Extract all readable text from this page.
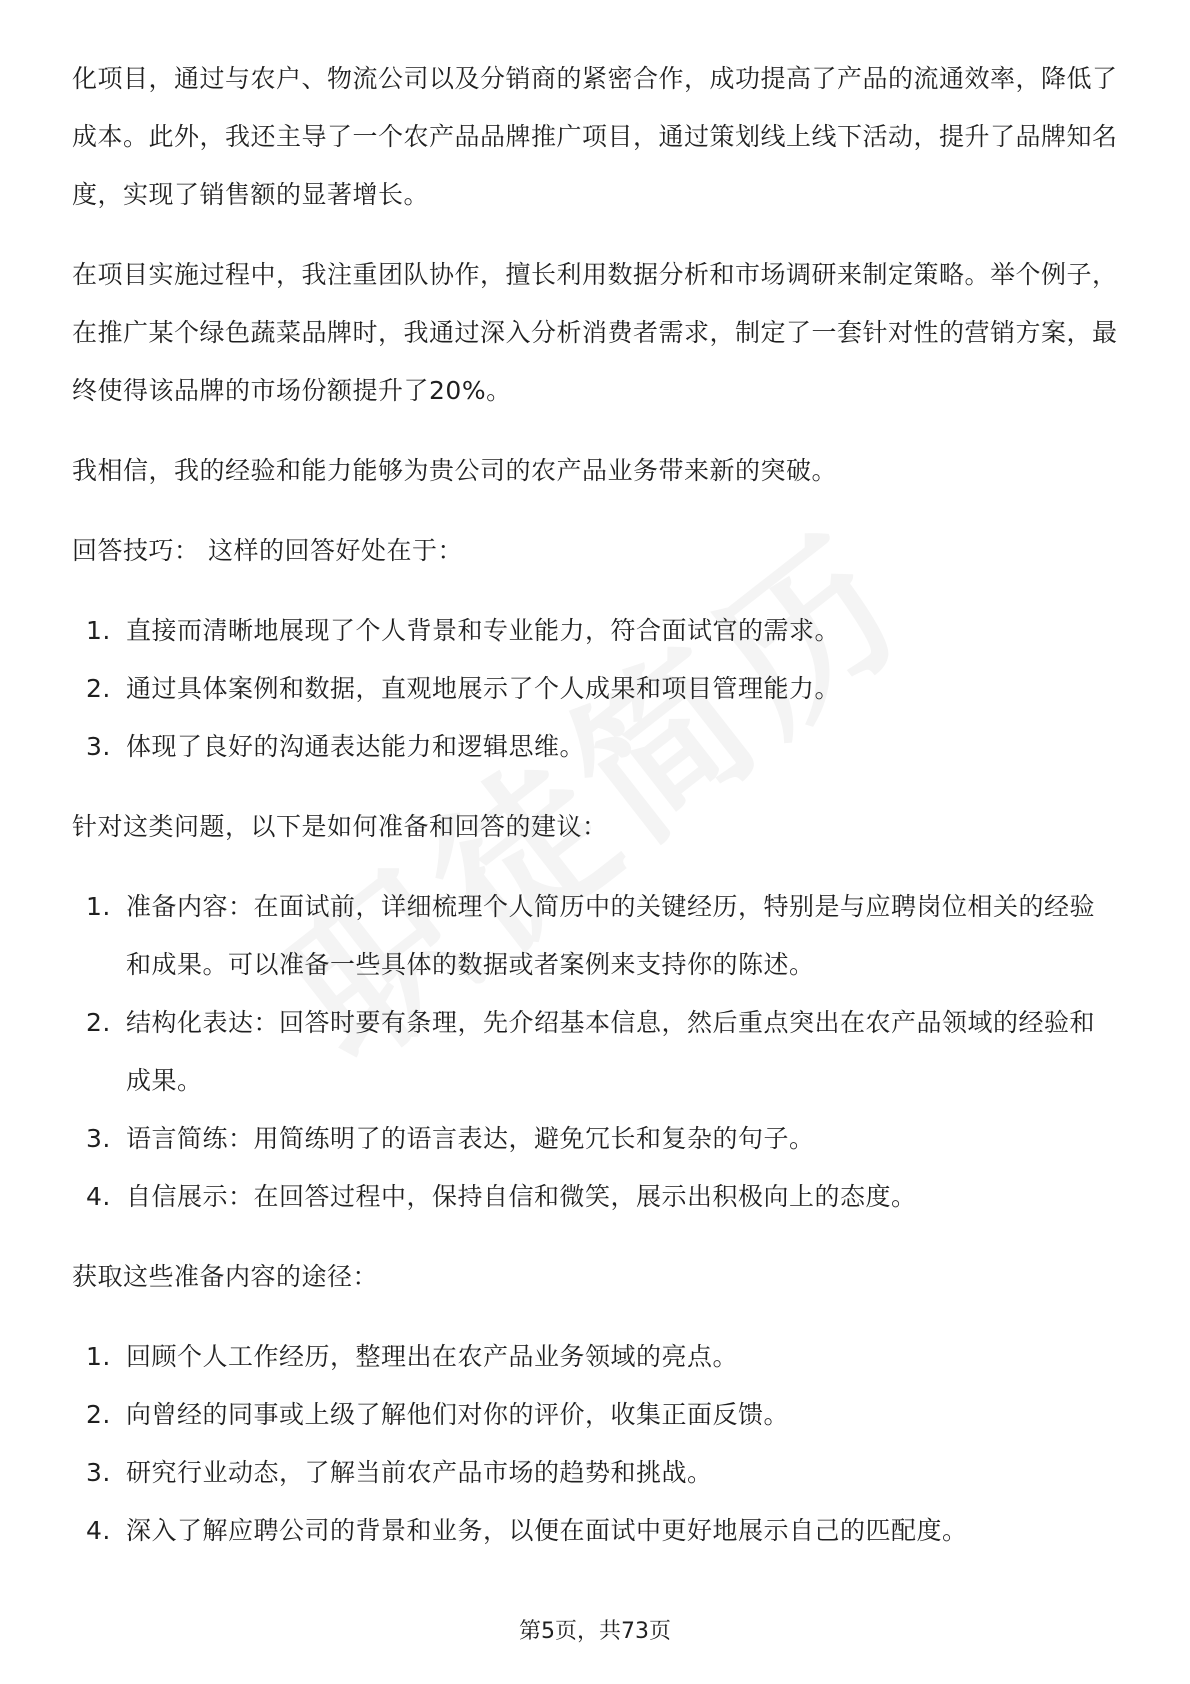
化项目，通过与农户、物流公司以及分销商的紧密合作，成功提高了产品的流通效率，降低了成本。此外，我还主导了一个农产品品牌推广项目，通过策划线上线下活动，提升了品牌知名度，实现了销售额的显著增长。

在项目实施过程中，我注重团队协作，擅长利用数据分析和市场调研来制定策略。举个例子，在推广某个绿色蔬菜品牌时，我通过深入分析消费者需求，制定了一套针对性的营销方案，最终使得该品牌的市场份额提升了20%。

我相信，我的经验和能力能够为贵公司的农产品业务带来新的突破。

回答技巧： 这样的回答好处在于：

1. 直接而清晰地展现了个人背景和专业能力，符合面试官的需求。
2. 通过具体案例和数据，直观地展示了个人成果和项目管理能力。
3. 体现了良好的沟通表达能力和逻辑思维。

针对这类问题，以下是如何准备和回答的建议：

1. 准备内容：在面试前，详细梳理个人简历中的关键经历，特别是与应聘岗位相关的经验和成果。可以准备一些具体的数据或者案例来支持你的陈述。
2. 结构化表达：回答时要有条理，先介绍基本信息，然后重点突出在农产品领域的经验和成果。
3. 语言简练：用简练明了的语言表达，避免冗长和复杂的句子。
4. 自信展示：在回答过程中，保持自信和微笑，展示出积极向上的态度。

获取这些准备内容的途径：

1. 回顾个人工作经历，整理出在农产品业务领域的亮点。
2. 向曾经的同事或上级了解他们对你的评价，收集正面反馈。
3. 研究行业动态，了解当前农产品市场的趋势和挑战。
4. 深入了解应聘公司的背景和业务，以便在面试中更好地展示自己的匹配度。
第5页，共73页
